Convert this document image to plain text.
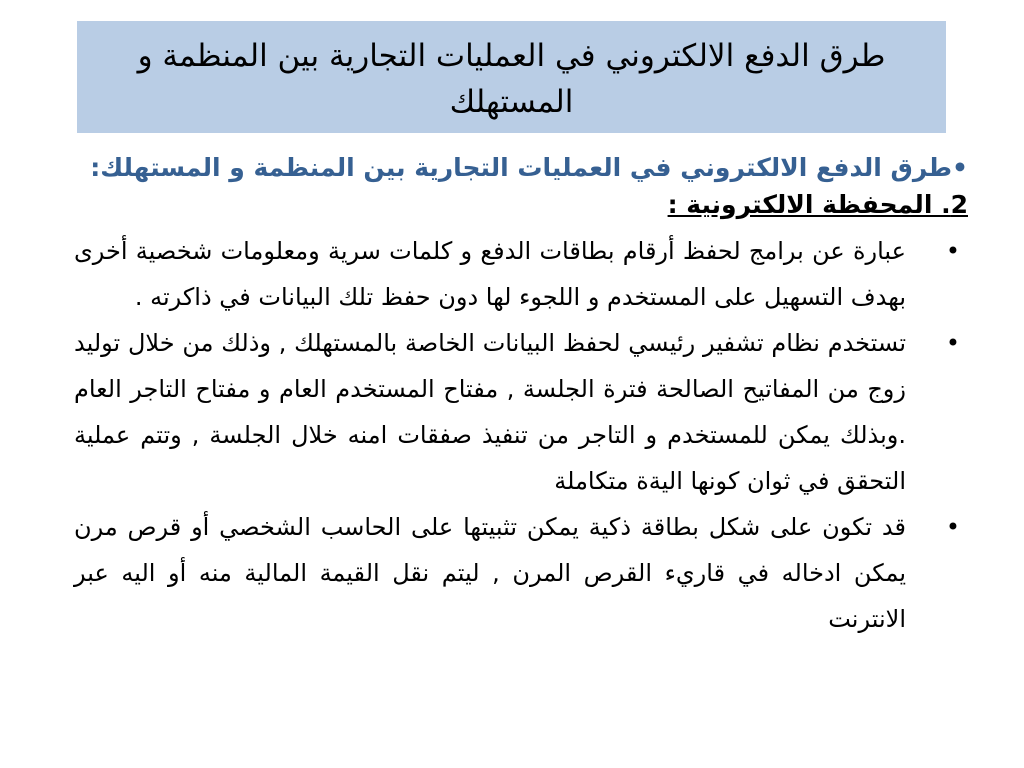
طرق الدفع الالكتروني في العمليات التجارية بين المنظمة و المستهلك

•طرق الدفع الالكتروني في العمليات التجارية بين المنظمة و المستهلك:

2. المحفظة الالكترونية :

•
عبارة عن برامج لحفظ أرقام بطاقات الدفع و كلمات سرية ومعلومات شخصية أخرى بهدف التسهيل على المستخدم و اللجوء لها دون حفظ تلك البيانات في ذاكرته .
•
تستخدم نظام تشفير رئيسي لحفظ البيانات الخاصة بالمستهلك , وذلك من خلال توليد زوج من المفاتيح الصالحة فترة الجلسة , مفتاح المستخدم العام و مفتاح التاجر العام .وبذلك يمكن للمستخدم و التاجر من تنفيذ صفقات امنه خلال الجلسة , وتتم عملية التحقق في ثوان كونها اليةة متكاملة
•
قد تكون على شكل بطاقة ذكية يمكن تثبيتها على الحاسب الشخصي أو قرص مرن يمكن ادخاله في قاريء القرص المرن , ليتم نقل القيمة المالية منه أو اليه عبر الانترنت
